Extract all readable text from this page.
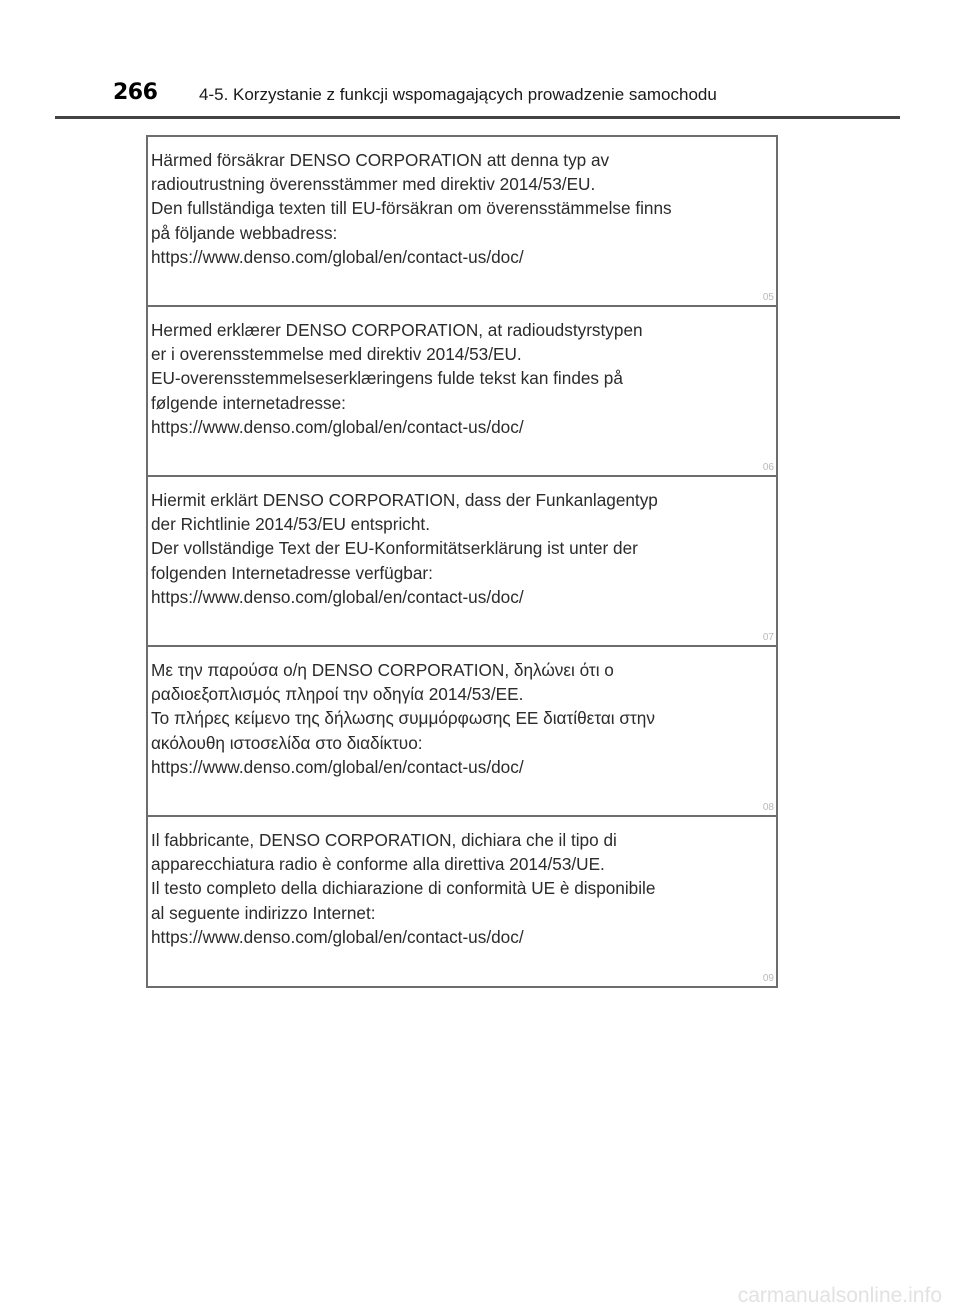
266 4-5. Korzystanie z funkcji wspomagających prowadzenie samochodu
Härmed försäkrar DENSO CORPORATION att denna typ av
radioutrustning överensstämmer med direktiv 2014/53/EU.
Den fullständiga texten till EU-försäkran om överensstämmelse finns
på följande webbadress:
https://www.denso.com/global/en/contact-us/doc/
05
Hermed erklærer DENSO CORPORATION, at radioudstyrstypen
er i overensstemmelse med direktiv 2014/53/EU.
EU-overensstemmelseserklæringens fulde tekst kan findes på
følgende internetadresse:
https://www.denso.com/global/en/contact-us/doc/
06
Hiermit erklärt DENSO CORPORATION, dass der Funkanlagentyp
der Richtlinie 2014/53/EU entspricht.
Der vollständige Text der EU-Konformitätserklärung ist unter der
folgenden Internetadresse verfügbar:
https://www.denso.com/global/en/contact-us/doc/
07
Με την παρούσα ο/η DENSO CORPORATION, δηλώνει ότι ο
ραδιοεξοπλισμός πληροί την οδηγία 2014/53/ΕΕ.
Το πλήρες κείμενο της δήλωσης συμμόρφωσης ΕΕ διατίθεται στην
ακόλουθη ιστοσελίδα στο διαδίκτυο:
https://www.denso.com/global/en/contact-us/doc/
08
Il fabbricante, DENSO CORPORATION, dichiara che il tipo di
apparecchiatura radio è conforme alla direttiva 2014/53/UE.
Il testo completo della dichiarazione di conformità UE è disponibile
al seguente indirizzo Internet:
https://www.denso.com/global/en/contact-us/doc/
09
carmanualsonline.info
